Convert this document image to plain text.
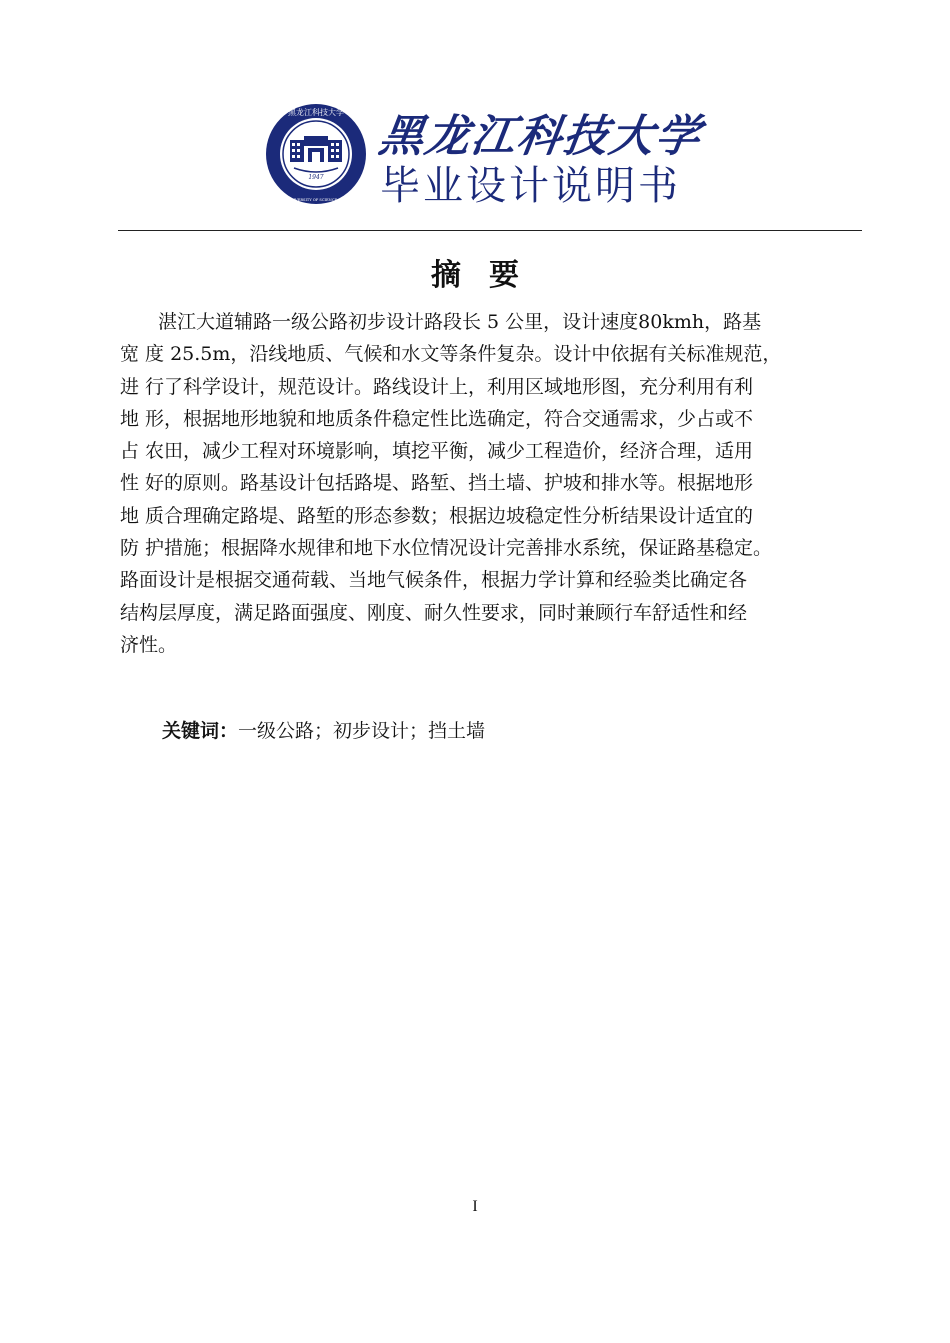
1947
黑龙江科技大学
HEILONGJIANG UNIVERSITY OF SCIENCE AND TECHNOLOGY
黑龙江科技大学
毕业设计说明书
摘要
　　湛江大道辅路一级公路初步设计路段长 5 公里，设计速度80kmh，路基
宽 度 25.5m，沿线地质、气候和水文等条件复杂。设计中依据有关标准规范，
进 行了科学设计，规范设计。路线设计上，利用区域地形图，充分利用有利
地 形，根据地形地貌和地质条件稳定性比选确定，符合交通需求，少占或不
占 农田，减少工程对环境影响，填挖平衡，减少工程造价，经济合理，适用
性 好的原则。路基设计包括路堤、路堑、挡土墙、护坡和排水等。根据地形
地 质合理确定路堤、路堑的形态参数；根据边坡稳定性分析结果设计适宜的
防 护措施；根据降水规律和地下水位情况设计完善排水系统，保证路基稳定。
路面设计是根据交通荷载、当地气候条件，根据力学计算和经验类比确定各
结构层厚度，满足路面强度、刚度、耐久性要求，同时兼顾行车舒适性和经
济性。
关键词：一级公路；初步设计；挡土墙
I
